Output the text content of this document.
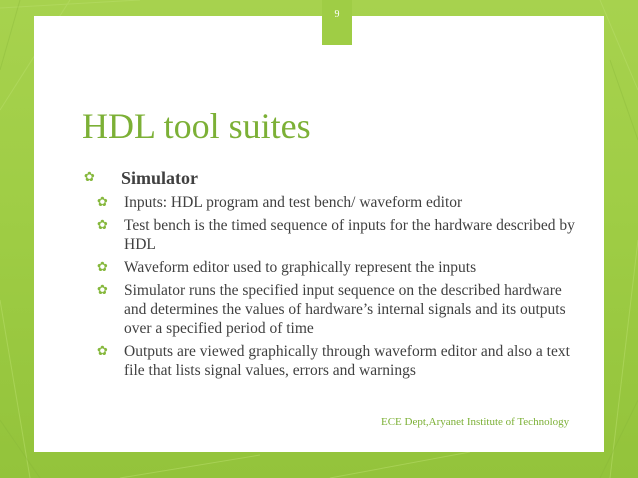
9
HDL tool suites
✿ Simulator
✿ Inputs: HDL program and test bench/ waveform editor
✿ Test bench is the timed sequence of inputs for the hardware described by HDL
✿ Waveform editor used to graphically represent the inputs
✿ Simulator runs the specified input sequence on the described hardware and determines the values of hardware’s internal signals and its outputs over a specified period of time
✿ Outputs are viewed graphically through waveform editor and also a text file that lists signal values, errors and warnings
ECE Dept,Aryanet Institute of Technology
